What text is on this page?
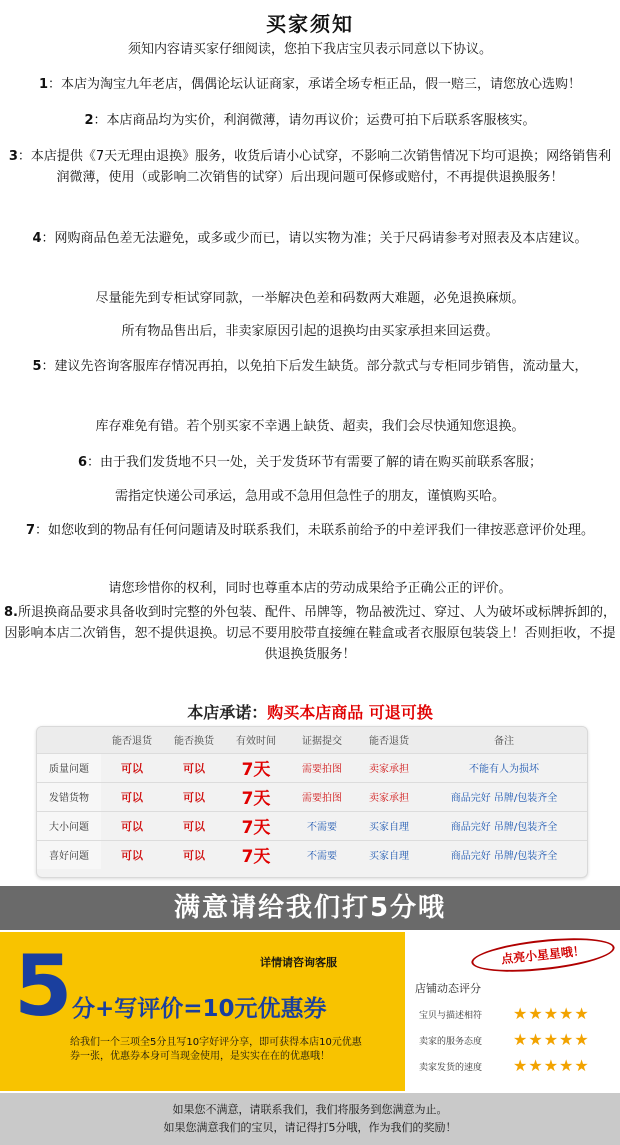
买家须知
须知内容请买家仔细阅读，您拍下我店宝贝表示同意以下协议。
1：本店为淘宝九年老店，偶偶论坛认证商家，承诺全场专柜正品，假一赔三，请您放心选购！
2：本店商品均为实价，利润微薄，请勿再议价；运费可拍下后联系客服核实。
3：本店提供《7天无理由退换》服务，收货后请小心试穿，不影响二次销售情况下均可退换；网络销售利润微薄，使用（或影响二次销售的试穿）后出现问题可保修或赔付，不再提供退换服务！
4：网购商品色差无法避免，或多或少而已，请以实物为准；关于尺码请参考对照表及本店建议。
尽量能先到专柜试穿同款，一举解决色差和码数两大难题，必免退换麻烦。
所有物品售出后，非卖家原因引起的退换均由买家承担来回运费。
5：建议先咨询客服库存情况再拍，以免拍下后发生缺货。部分款式与专柜同步销售，流动量大，
库存难免有错。若个别买家不幸遇上缺货、超卖，我们会尽快通知您退换。
6：由于我们发货地不只一处，关于发货环节有需要了解的请在购买前联系客服；
需指定快递公司承运，急用或不急用但急性子的朋友，谨慎购买哈。
7：如您收到的物品有任何问题请及时联系我们，未联系前给予的中差评我们一律按恶意评价处理。
请您珍惜你的权利，同时也尊重本店的劳动成果给予正确公正的评价。
8.所退换商品要求具备收到时完整的外包装、配件、吊牌等，物品被洗过、穿过、人为破坏或标牌拆卸的，因影响本店二次销售，恕不提供退换。切忌不要用胶带直接缠在鞋盒或者衣服原包装袋上！否则拒收，不提供退换货服务！
本店承诺：购买本店商品 可退可换
	能否退货	能否换货	有效时间	证据提交	能否退货	备注
质量问题	可以	可以	7天	需要拍图	卖家承担	不能有人为损坏
发错货物	可以	可以	7天	需要拍图	卖家承担	商品完好 吊牌/包装齐全
大小问题	可以	可以	7天	不需要	买家自理	商品完好 吊牌/包装齐全
喜好问题	可以	可以	7天	不需要	买家自理	商品完好 吊牌/包装齐全
满意请给我们打5分哦
5	详情请咨询客服
分+写评价=10元优惠券
给我们一个三项全5分且写10字好评分享，即可获得本店10元优惠券一张，优惠券本身可当现金使用，是实实在在的优惠哦！
点亮小星星哦！
店铺动态评分
宝贝与描述相符 ★★★★★
卖家的服务态度 ★★★★★
卖家发货的速度 ★★★★★
如果您不满意，请联系我们，我们将服务到您满意为止。
如果您满意我们的宝贝，请记得打5分哦，作为我们的奖励！
